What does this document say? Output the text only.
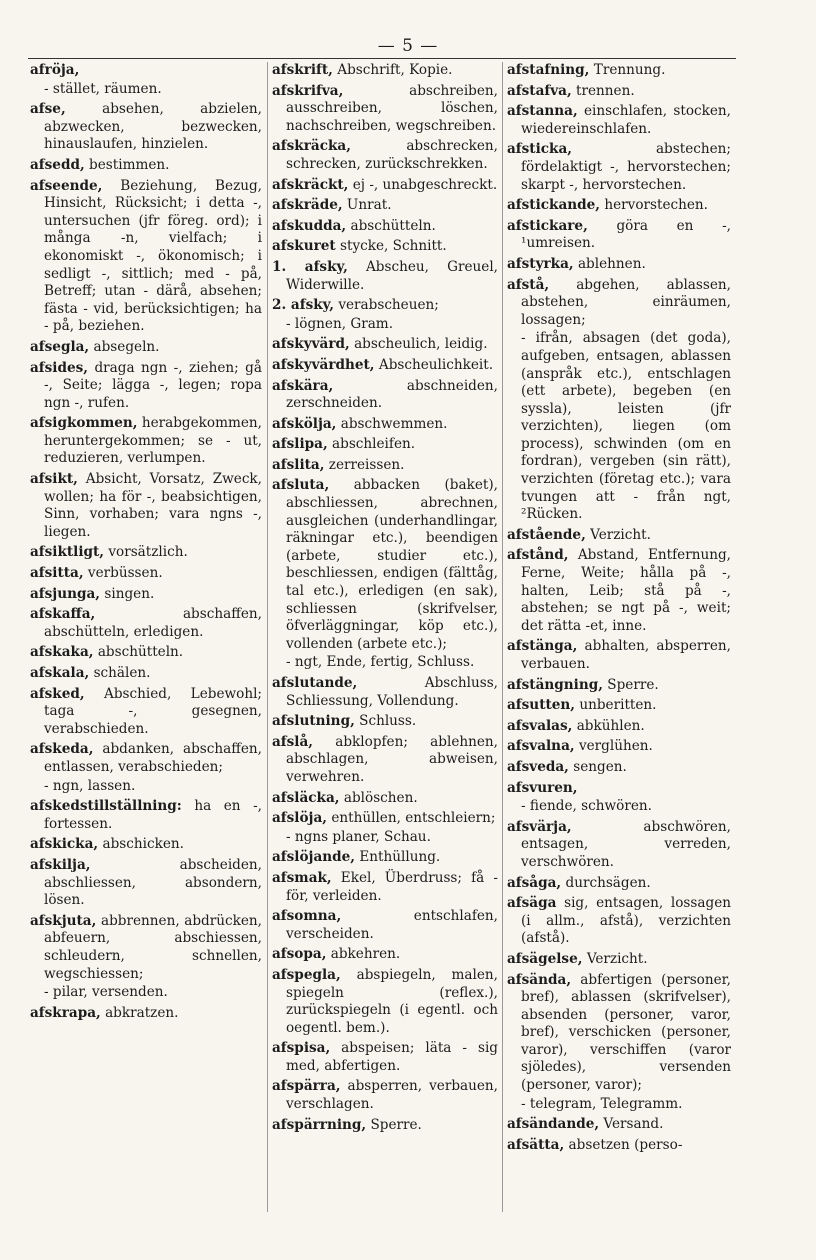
— 5 —
afröja,
- stället, räumen.
afse,	absehen, abzielen, abzwecken, bezwecken, hinauslaufen, hinzielen.
afsedd, bestimmen.
afseende, Beziehung, Bezug, Hinsicht, Rücksicht; i detta -, untersuchen (jfr föreg. ord); i många -n, vielfach; i ekonomiskt -, ökonomisch; i sedligt -, sittlich; med - på, Betreff; utan - därå, absehen; fästa - vid, berücksichtigen; ha - på, beziehen.
afsegla, absegeln.
afsides, draga ngn -, ziehen; gå -, Seite; lägga -, legen; ropa ngn -, rufen.
afsigkommen, herabgekommen, heruntergekommen; se - ut, reduzieren, verlumpen.
afsikt, Absicht, Vorsatz, Zweck, wollen; ha för -, beabsichtigen, Sinn, vorhaben; vara ngns -, liegen.
afsiktligt, vorsätzlich.
afsitta, verbüssen.
afsjunga, singen.
afskaffa,	abschaffen, abschütteln, erledigen.
afskaka, abschütteln.
afskala, schälen.
afsked, Abschied, Lebewohl; taga -, gesegnen, verabschieden.
afskeda, abdanken, abschaffen, entlassen, verabschieden;
- ngn, lassen.
afskedstillställning: ha en -, fortessen.
afskicka, abschicken.
afskilja,	abscheiden, abschliessen, absondern, lösen.
afskjuta, abbrennen, abdrücken, abfeuern, abschiessen, schleudern, schnellen, wegschiessen;
- pilar, versenden.
afskrapa, abkratzen.
afskrift, Abschrift, Kopie.
afskrifva,	abschreiben, ausschreiben, löschen, nachschreiben, wegschreiben.
afskräcka,	abschrecken, schrecken, zurückschrekken.
afskräckt, ej -, unabgeschreckt.
afskräde, Unrat.
afskudda, abschütteln.
afskuret stycke, Schnitt.
1. afsky, Abscheu, Greuel, Widerwille.
2. afsky, verabscheuen;
- lögnen, Gram.
afskyvärd, abscheulich, leidig.
afskyvärdhet, Abscheulichkeit.
afskära,	abschneiden, zerschneiden.
afskölja, abschwemmen.
afslipa, abschleifen.
afslita, zerreissen.
afsluta, abbacken (baket), abschliessen, abrechnen, ausgleichen (underhandlingar, räkningar etc.), beendigen (arbete, studier etc.), beschliessen, endigen (fälttåg, tal etc.), erledigen (en sak), schliessen (skrifvelser, öfverläggningar, köp etc.), vollenden (arbete etc.);
- ngt, Ende, fertig, Schluss.
afslutande,	Abschluss, Schliessung, Vollendung.
afslutning, Schluss.
afslå, abklopfen; ablehnen, abschlagen, abweisen, verwehren.
afsläcka, ablöschen.
afslöja, enthüllen, entschleiern;
- ngns planer, Schau.
afslöjande, Enthüllung.
afsmak, Ekel, Überdruss; få - för, verleiden.
afsomna,	entschlafen, verscheiden.
afsopa, abkehren.
afspegla, abspiegeln, malen, spiegeln (reflex.), zurückspiegeln (i egentl. och oegentl. bem.).
afspisa, abspeisen; läta - sig med, abfertigen.
afspärra, absperren, verbauen, verschlagen.
afspärrning, Sperre.
afstafning, Trennung.
afstafva, trennen.
afstanna, einschlafen, stocken, wiedereinschlafen.
afsticka,	abstechen; fördelaktigt -, hervorstechen; skarpt -, hervorstechen.
afstickande, hervorstechen.
afstickare, göra en -, ¹umreisen.
afstyrka, ablehnen.
afstå, abgehen, ablassen, abstehen, einräumen, lossagen;
- ifrån, absagen (det goda), aufgeben, entsagen, ablassen (anspråk etc.), entschlagen (ett arbete), begeben (en syssla), leisten (jfr verzichten), liegen (om process), schwinden (om en fordran), vergeben (sin rätt), verzichten (företag etc.); vara tvungen att - från ngt, ²Rücken.
afstående, Verzicht.
afstånd, Abstand, Entfernung, Ferne, Weite; hålla på -, halten, Leib; stå på -, abstehen; se ngt på -, weit; det rätta -et, inne.
afstänga, abhalten, absperren, verbauen.
afstängning, Sperre.
afsutten, unberitten.
afsvalas, abkühlen.
afsvalna, verglühen.
afsveda, sengen.
afsvuren,
- fiende, schwören.
afsvärja,	abschwören, entsagen, verreden, verschwören.
afsåga, durchsägen.
afsäga sig, entsagen, lossagen (i allm., afstå), verzichten (afstå).
afsägelse, Verzicht.
afsända, abfertigen (personer, bref), ablassen (skrifvelser), absenden (personer, varor, bref), verschicken (personer, varor), verschiffen (varor sjöledes), versenden (personer, varor);
- telegram, Telegramm.
afsändande, Versand.
afsätta, absetzen (perso-
